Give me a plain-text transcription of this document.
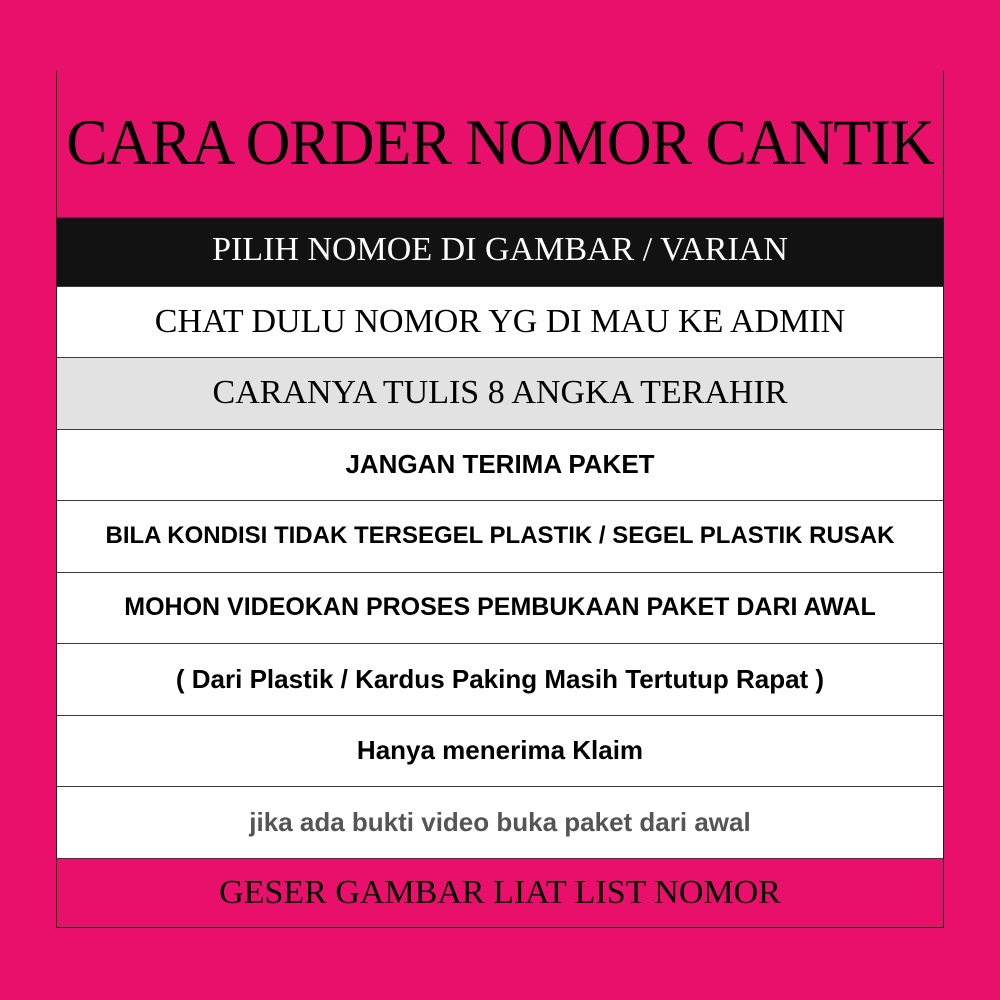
CARA ORDER NOMOR CANTIK
PILIH NOMOE DI GAMBAR / VARIAN
CHAT DULU NOMOR YG DI MAU KE ADMIN
CARANYA TULIS 8 ANGKA TERAHIR
JANGAN TERIMA PAKET
BILA KONDISI TIDAK TERSEGEL PLASTIK / SEGEL PLASTIK RUSAK
MOHON VIDEOKAN PROSES PEMBUKAAN PAKET DARI AWAL
( Dari Plastik / Kardus Paking Masih Tertutup Rapat )
Hanya menerima Klaim
jika ada bukti video buka paket dari awal
GESER GAMBAR LIAT LIST NOMOR
